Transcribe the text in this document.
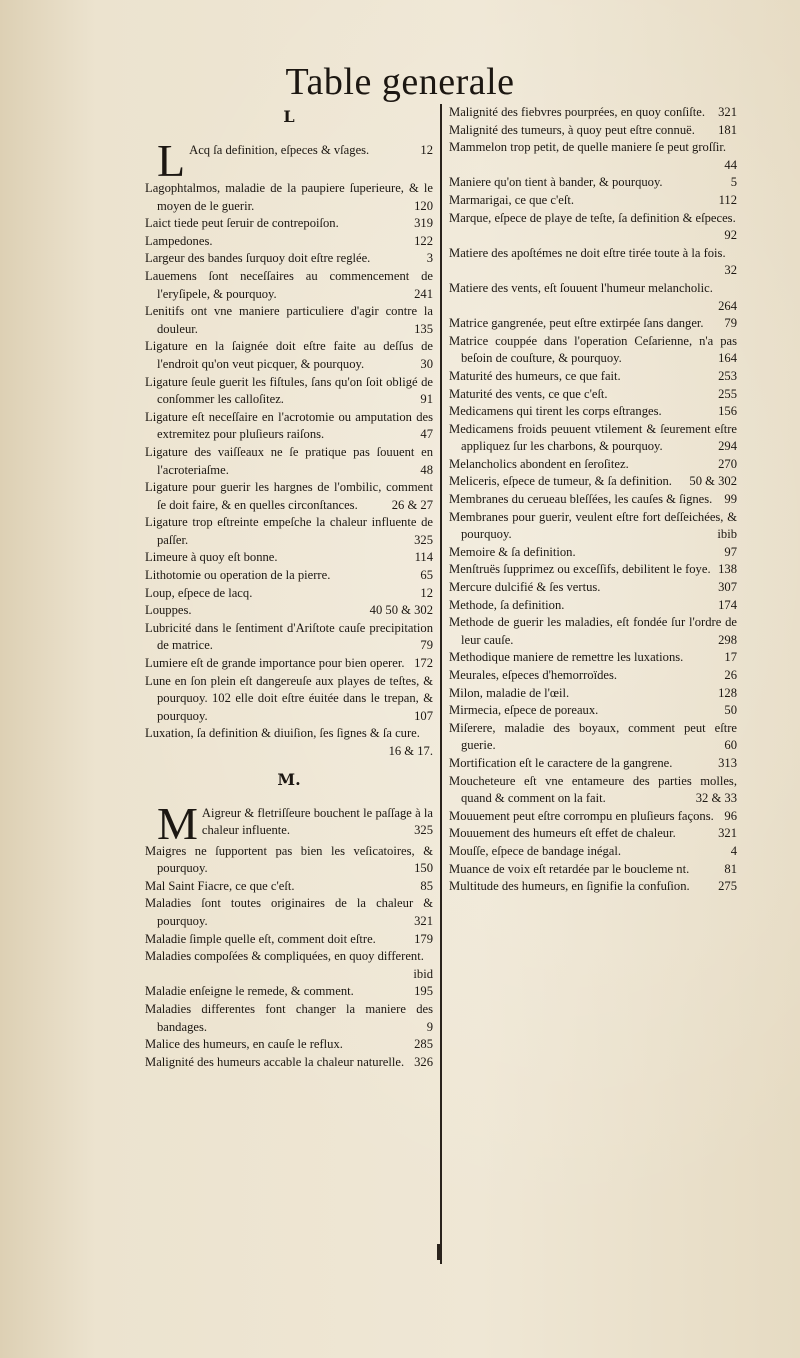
Table generale
L
L Acq ſa definition, eſpeces & vſages.	12
Lagophtalmos, maladie de la paupiere ſuperieure, & le moyen de le guerir.	120
Laict tiede peut ſeruir de contrepoiſon.	319
Lampedones.	122
Largeur des bandes ſurquoy doit eſtre reglée.	3
Lauemens ſont neceſſaires au commencement de l'eryſipele, & pourquoy.	241
Lenitifs ont vne maniere particuliere d'agir contre la douleur.	135
Ligature en la ſaignée doit eſtre faite au deſſus de l'endroit qu'on veut picquer, & pourquoy.	30
Ligature ſeule guerit les fiſtules, ſans qu'on ſoit obligé de conſommer les calloſitez.	91
Ligature eſt neceſſaire en l'acrotomie ou amputation des extremitez pour pluſieurs raiſons.	47
Ligature des vaiſſeaux ne ſe pratique pas ſouuent en l'acroteriaſme.	48
Ligature pour guerir les hargnes de l'ombilic, comment ſe doit faire, & en quelles circonſtances.	26 & 27
Ligature trop eſtreinte empeſche la chaleur influente de paſſer.	325
Limeure à quoy eſt bonne.	114
Lithotomie ou operation de la pierre.	65
Loup, eſpece de lacq.	12
Louppes.	40 50 & 302
Lubricité dans le ſentiment d'Ariſtote cauſe precipitation de matrice.	79
Lumiere eſt de grande importance pour bien operer. 172
Lune en ſon plein eſt dangereuſe aux playes de teſtes, & pourquoy. 102 elle doit eſtre éuitée dans le trepan, & pourquoy.	107
Luxation, ſa definition & diuiſion, ſes ſignes & ſa cure.
16 & 17.
M.
M Aigreur & fletriſſeure bouchent le paſſage à la chaleur influente.	325
Maigres ne ſupportent pas bien les veſicatoires, & pourquoy.	150
Mal Saint Fiacre, ce que c'eſt.	85
Maladies ſont toutes originaires de la chaleur & pourquoy.	321
Maladie ſimple quelle eſt, comment doit eſtre.	179
Maladies compoſées & compliquées, en quoy different.
ibid
Maladie enſeigne le remede, & comment.	195
Maladies differentes font changer la maniere des bandages.	9
Malice des humeurs, en cauſe le reflux.	285
Malignité des humeurs accable la chaleur naturelle. 326
Malignité des fiebvres pourprées, en quoy conſiſte.	321
Malignité des tumeurs, à quoy peut eſtre connuë.	181
Mammelon trop petit, de quelle maniere ſe peut groſſir.
44
Maniere qu'on tient à bander, & pourquoy.	5
Marmarigai, ce que c'eſt.	112
Marque, eſpece de playe de teſte, ſa definition & eſpeces.
92
Matiere des apoſtémes ne doit eſtre tirée toute à la fois.
32
Matiere des vents, eſt ſouuent l'humeur melancholic.
264
Matrice gangrenée, peut eſtre extirpée ſans danger.	79
Matrice couppée dans l'operation Ceſarienne, n'a pas beſoin de couſture, & pourquoy.	164
Maturité des humeurs, ce que fait.	253
Maturité des vents, ce que c'eſt.	255
Medicamens qui tirent les corps eſtranges.	156
Medicamens froids peuuent vtilement & ſeurement eſtre appliquez ſur les charbons, & pourquoy.	294
Melancholics abondent en ſeroſitez.	270
Meliceris, eſpece de tumeur, & ſa definition.	50 & 302
Membranes du cerueau bleſſées, les cauſes & ſignes. 99
Membranes pour guerir, veulent eſtre fort deſſeichées, & pourquoy.	ibib
Memoire & ſa definition.	97
Menſtruës ſupprimez ou exceſſifs, debilitent le foye. 138
Mercure dulcifié & ſes vertus.	307
Methode, ſa definition.	174
Methode de guerir les maladies, eſt fondée ſur l'ordre de leur cauſe.	298
Methodique maniere de remettre les luxations.	17
Meurales, eſpeces d'hemorroïdes.	26
Milon, maladie de l'œil.	128
Mirmecia, eſpece de poreaux.	50
Miſerere, maladie des boyaux, comment peut eſtre guerie.	60
Mortification eſt le caractere de la gangrene.	313
Moucheteure eſt vne entameure des parties molles, quand & comment on la fait.	32 & 33
Mouuement peut eſtre corrompu en pluſieurs façons. 96
Mouuement des humeurs eſt effet de chaleur.	321
Mouſſe, eſpece de bandage inégal.	4
Muance de voix eſt retardée par le boucleme nt.	81
Multitude des humeurs, en ſignifie la confuſion.	275
